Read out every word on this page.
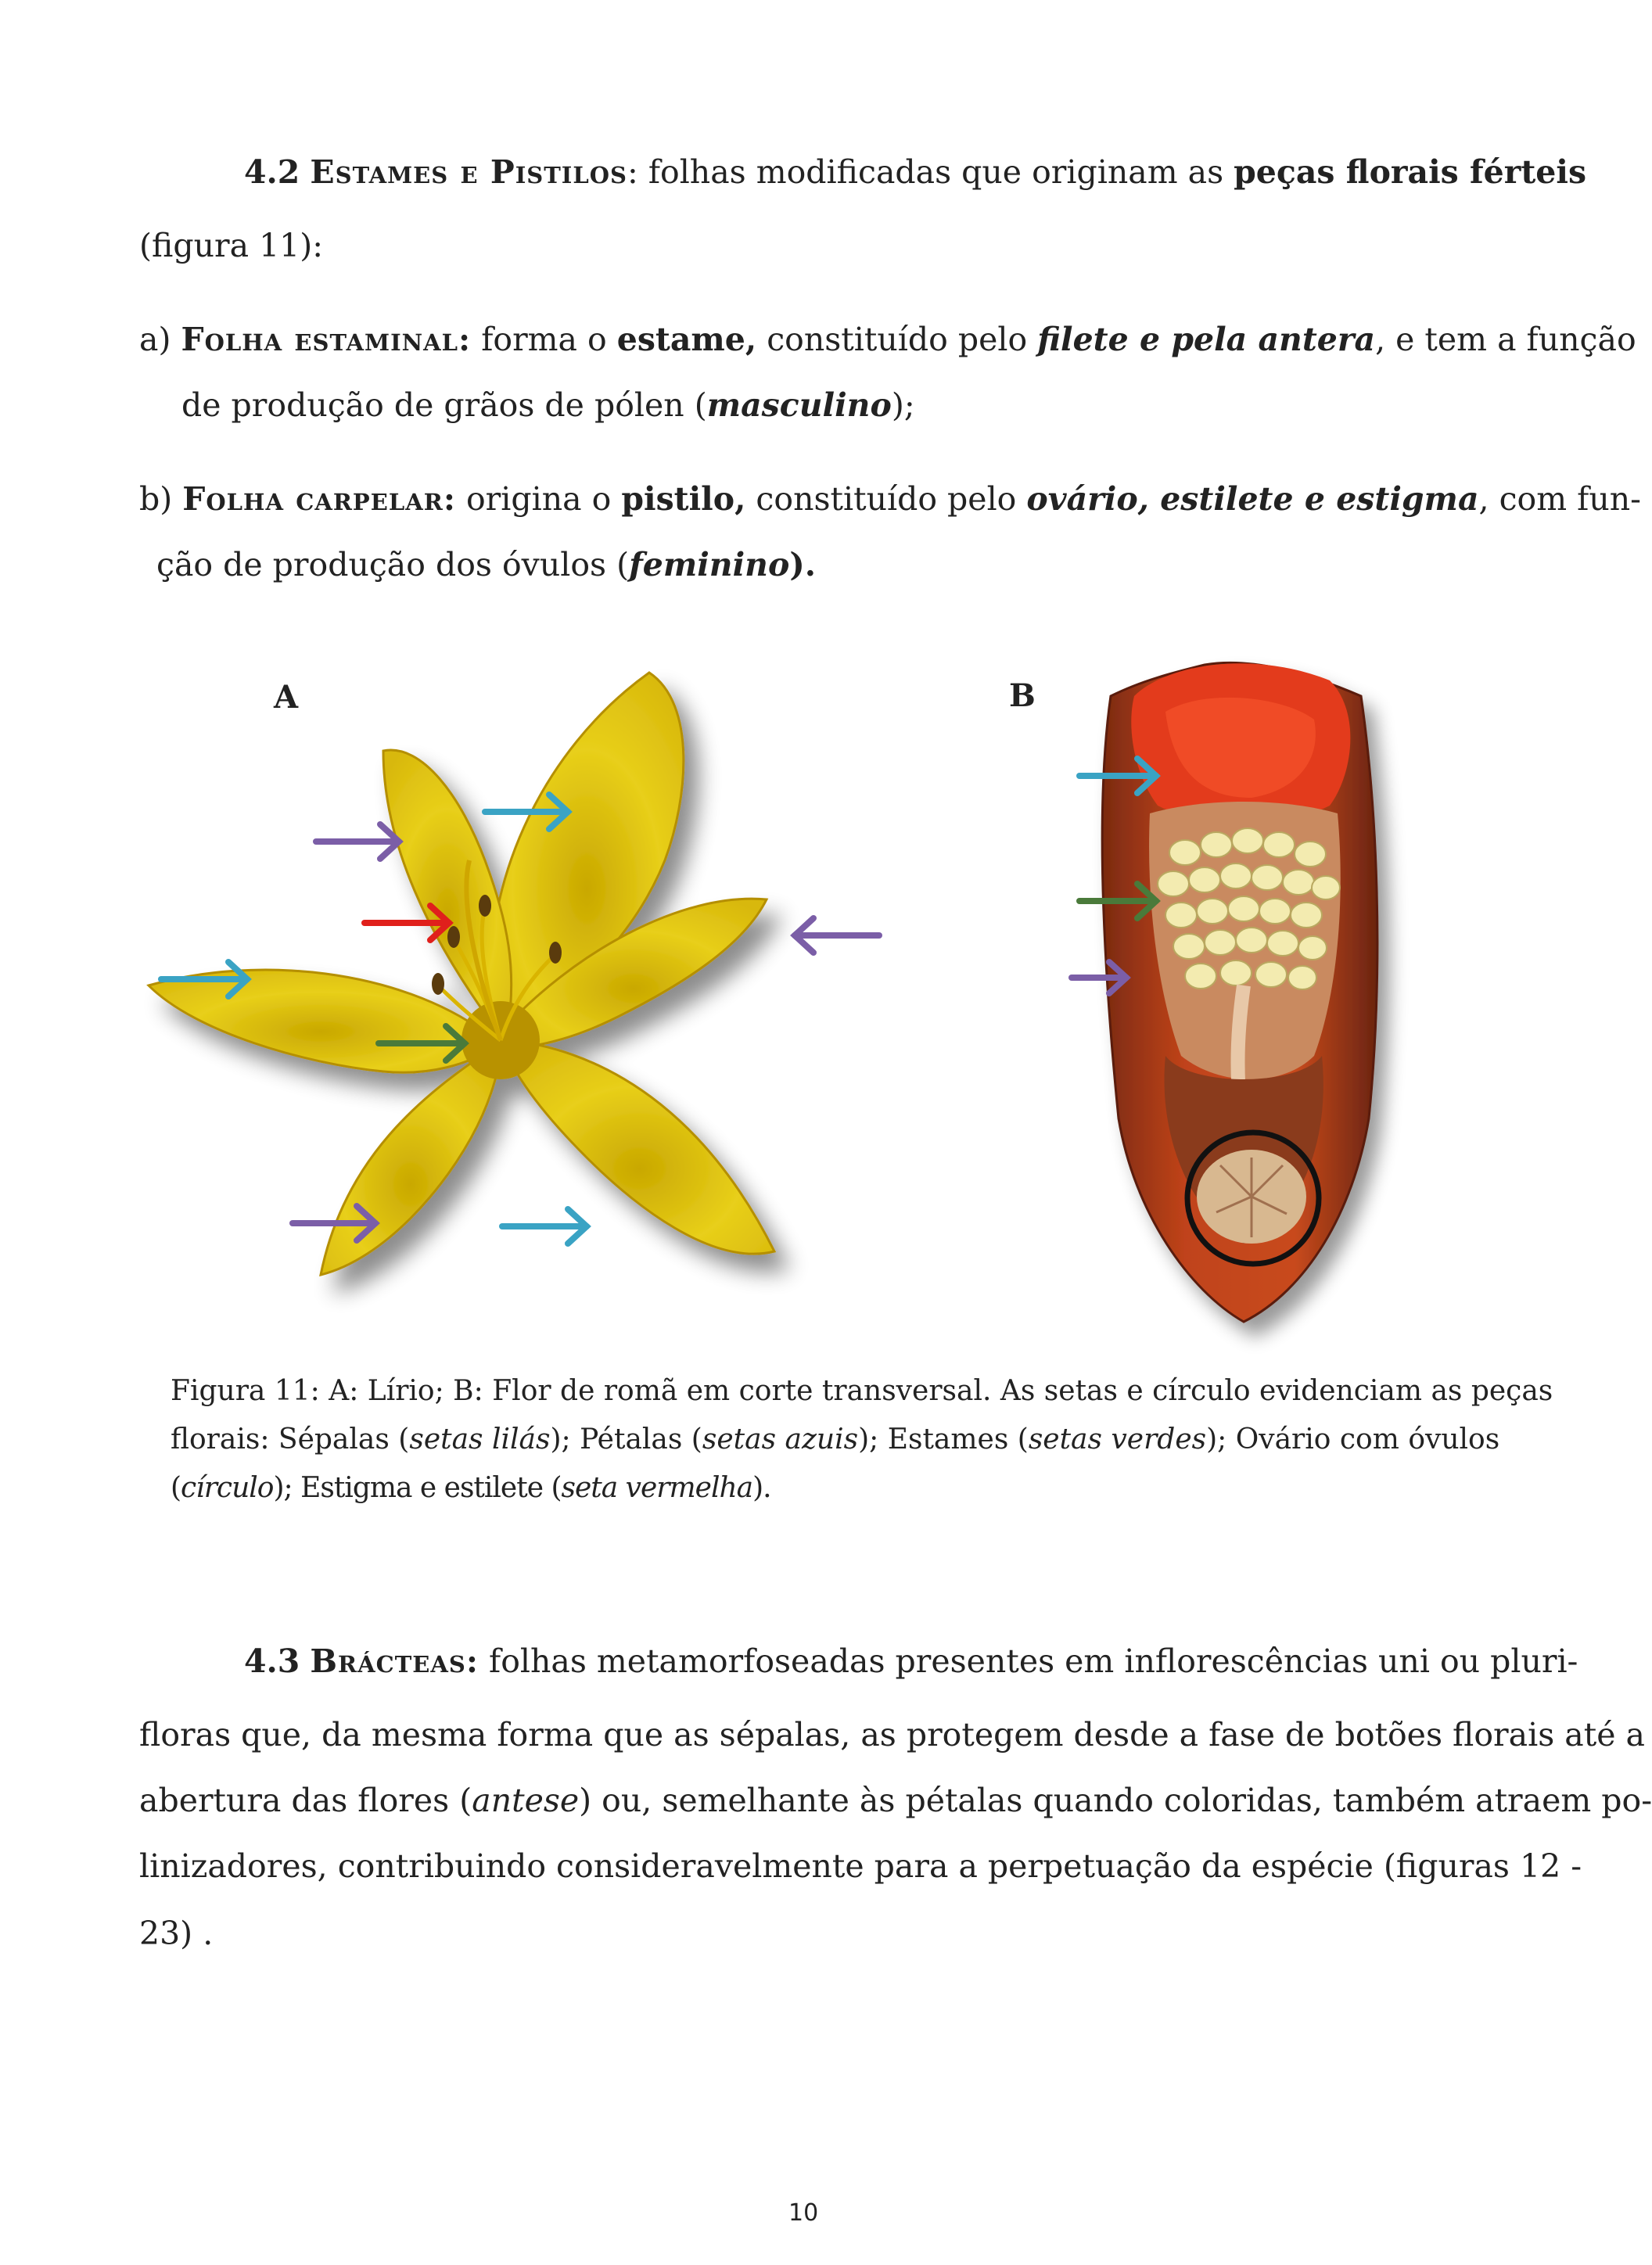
4.2 Estames e Pistilos: folhas modificadas que originam as peças florais férteis
(figura 11):
a) Folha estaminal: forma o estame, constituído pelo filete e pela antera, e tem a função
de produção de grãos de pólen (masculino);
b) Folha carpelar: origina o pistilo, constituído pelo ovário, estilete e estigma, com fun-
ção de produção dos óvulos (feminino).
A	B
Figura 11: A: Lírio; B: Flor de romã em corte transversal. As setas e círculo evidenciam as peças
florais: Sépalas (setas lilás); Pétalas (setas azuis); Estames (setas verdes); Ovário com óvulos
(círculo); Estigma e estilete (seta vermelha).
4.3 Brácteas: folhas metamorfoseadas presentes em inflorescências uni ou pluri-
floras que, da mesma forma que as sépalas, as protegem desde a fase de botões florais até a
abertura das flores (antese) ou, semelhante às pétalas quando coloridas, também atraem po-
linizadores, contribuindo consideravelmente para a perpetuação da espécie (figuras 12 -
23) .
10
